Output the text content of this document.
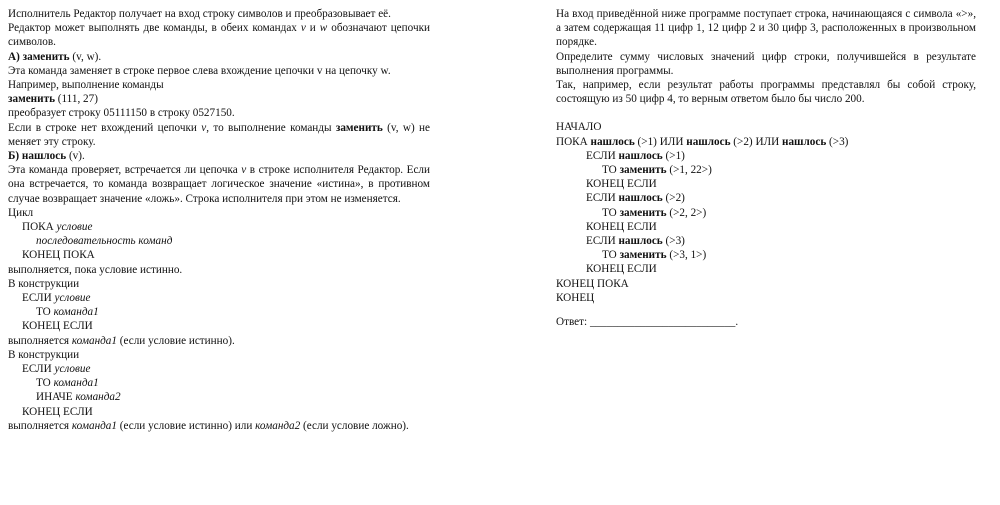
Исполнитель Редактор получает на вход строку символов и преобразовывает её.
Редактор может выполнять две команды, в обеих командах v и w обозначают цепочки символов.
А) заменить (v, w).
Эта команда заменяет в строке первое слева вхождение цепочки v на цепочку w.
Например, выполнение команды
заменить (111, 27)
преобразует строку 05111150 в строку 0527150.
Если в строке нет вхождений цепочки v, то выполнение команды заменить (v, w) не меняет эту строку.
Б) нашлось (v).
Эта команда проверяет, встречается ли цепочка v в строке исполнителя Редактор. Если она встречается, то команда возвращает логическое значение «истина», в противном случае возвращает значение «ложь». Строка исполнителя при этом не изменяется.
Цикл
ПОКА условие
последовательность команд
КОНЕЦ ПОКА
выполняется, пока условие истинно.
В конструкции
ЕСЛИ условие
ТО команда1
КОНЕЦ ЕСЛИ
выполняется команда1 (если условие истинно).
В конструкции
ЕСЛИ условие
ТО команда1
ИНАЧЕ команда2
КОНЕЦ ЕСЛИ
выполняется команда1 (если условие истинно) или команда2 (если условие ложно).
На вход приведённой ниже программе поступает строка, начинающаяся с символа «>», а затем содержащая 11 цифр 1, 12 цифр 2 и 30 цифр 3, расположенных в произвольном порядке.
Определите сумму числовых значений цифр строки, получившейся в результате выполнения программы.
Так, например, если результат работы программы представлял бы собой строку, состоящую из 50 цифр 4, то верным ответом было бы число 200.
НАЧАЛО
ПОКА нашлось (>1) ИЛИ нашлось (>2) ИЛИ нашлось (>3)
ЕСЛИ нашлось (>1)
ТО заменить (>1, 22>)
КОНЕЦ ЕСЛИ
ЕСЛИ нашлось (>2)
ТО заменить (>2, 2>)
КОНЕЦ ЕСЛИ
ЕСЛИ нашлось (>3)
ТО заменить (>3, 1>)
КОНЕЦ ЕСЛИ
КОНЕЦ ПОКА
КОНЕЦ
Ответ: __________________________.
